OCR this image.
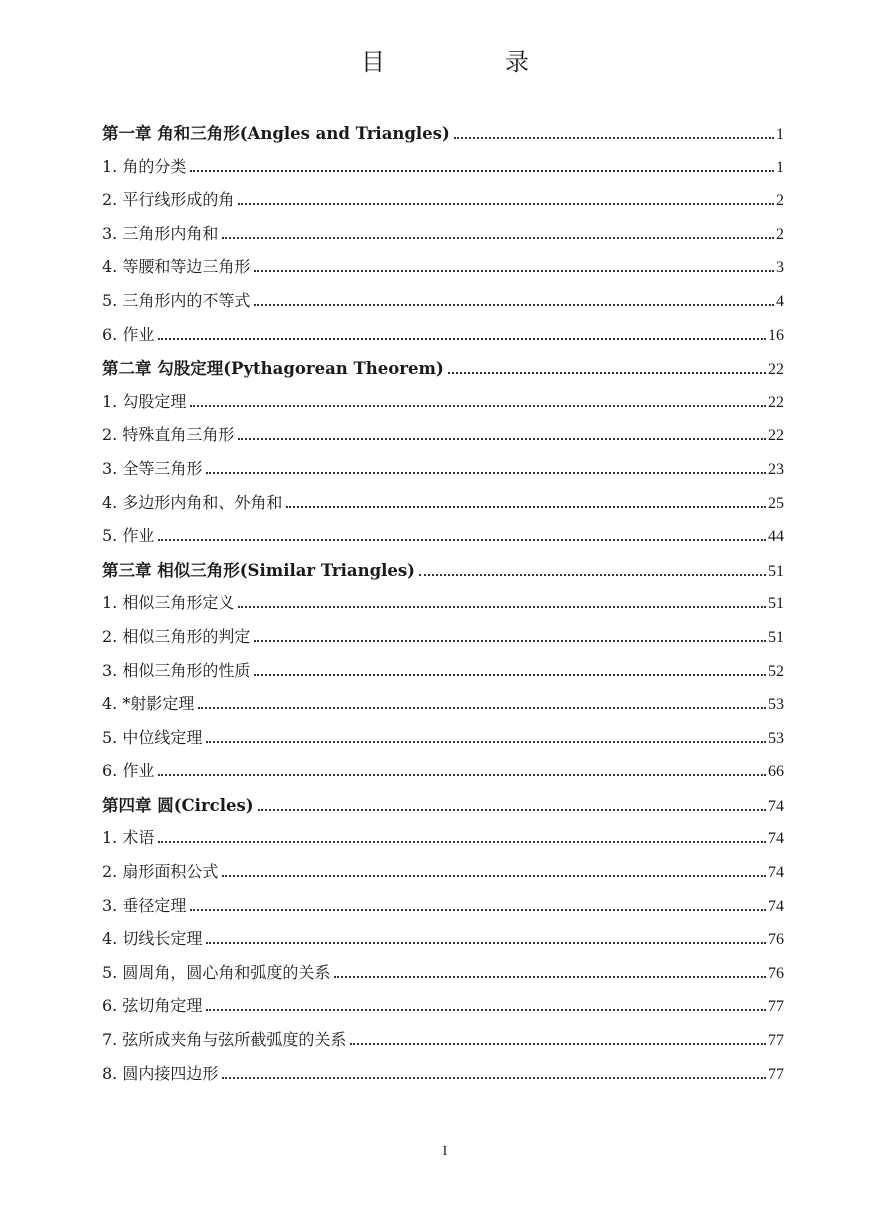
目　录
第一章 角和三角形(Angles and Triangles)	1
1. 角的分类	1
2. 平行线形成的角	2
3. 三角形内角和	2
4. 等腰和等边三角形	3
5. 三角形内的不等式	4
6. 作业	16
第二章 勾股定理(Pythagorean Theorem)	22
1. 勾股定理	22
2. 特殊直角三角形	22
3. 全等三角形	23
4. 多边形内角和、外角和	25
5. 作业	44
第三章 相似三角形(Similar Triangles)	51
1. 相似三角形定义	51
2. 相似三角形的判定	51
3. 相似三角形的性质	52
4. *射影定理	53
5. 中位线定理	53
6. 作业	66
第四章 圆(Circles)	74
1. 术语	74
2. 扇形面积公式	74
3. 垂径定理	74
4. 切线长定理	76
5. 圆周角，圆心角和弧度的关系	76
6. 弦切角定理	77
7. 弦所成夹角与弦所截弧度的关系	77
8. 圆内接四边形	77
I
